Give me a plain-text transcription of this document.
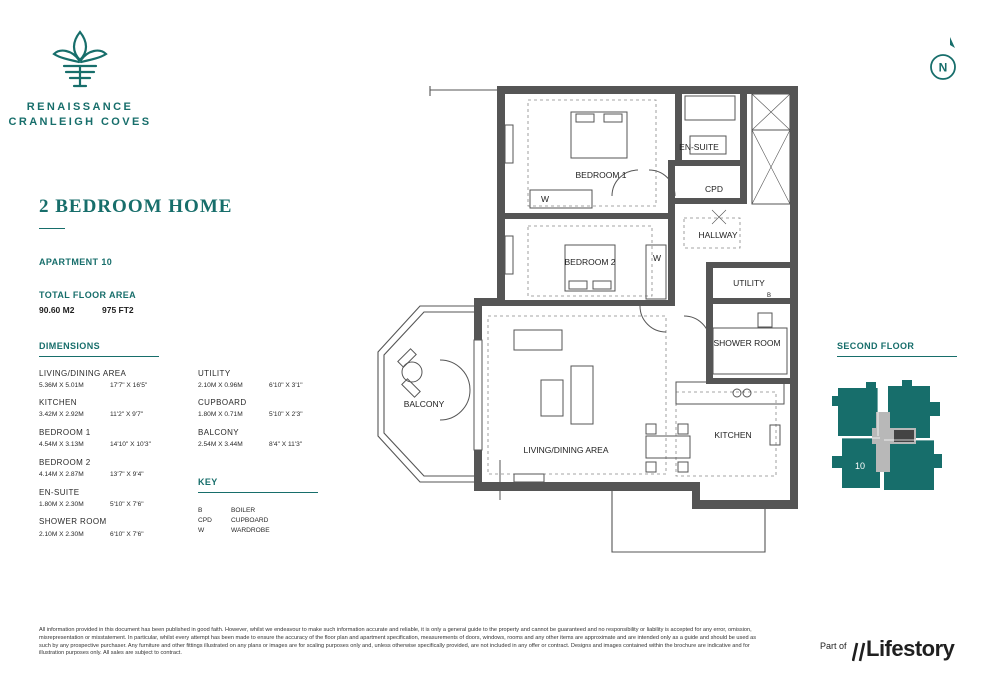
RENAISSANCE
CRANLEIGH COVES
2 BEDROOM HOME
APARTMENT 10
TOTAL FLOOR AREA
90.60 M2	975 FT2
DIMENSIONS
LIVING/DINING AREA
5.36M X 5.01M	17'7" X 16'5"
KITCHEN
3.42M X 2.92M	11'2" X 9'7"
BEDROOM 1
4.54M X 3.13M	14'10" X 10'3"
BEDROOM 2
4.14M X 2.87M	13'7" X 9'4"
EN-SUITE
1.80M X 2.30M	5'10" X 7'6"
SHOWER ROOM
2.10M X 2.30M	6'10" X 7'6"
UTILITY
2.10M X 0.96M	6'10" X 3'1"
CUPBOARD
1.80M X 0.71M	5'10" X 2'3"
BALCONY
2.54M X 3.44M	8'4" X 11'3"
KEY
B	BOILER
CPD	CUPBOARD
W	WARDROBE
N
EN-SUITE
BEDROOM 1
CPD
W
HALLWAY
BEDROOM 2	W
UTILITY
B
SHOWER ROOM
BALCONY
KITCHEN
LIVING/DINING AREA
SECOND FLOOR
10
All information provided in this document has been published in good faith. However, whilst we endeavour to make such information accurate and reliable, it is only a general guide to the property and cannot be guaranteed and no responsibility or liability is accepted for any error, omission, misrepresentation or misstatement. In particular, whilst every attempt has been made to ensure the accuracy of the floor plan and apartment specification, measurements of doors, windows, rooms and any other items are approximate and are intended only as a guide and should be used as such by any prospective purchaser. Any furniture and other fittings illustrated on any plans or images are for scaling purposes only and, unless otherwise specifically provided, are not included in any offer or contract. Designs and images contained within the brochure are indicative and for illustration purposes only. All sales are subject to contract.
Part of Lifestory
